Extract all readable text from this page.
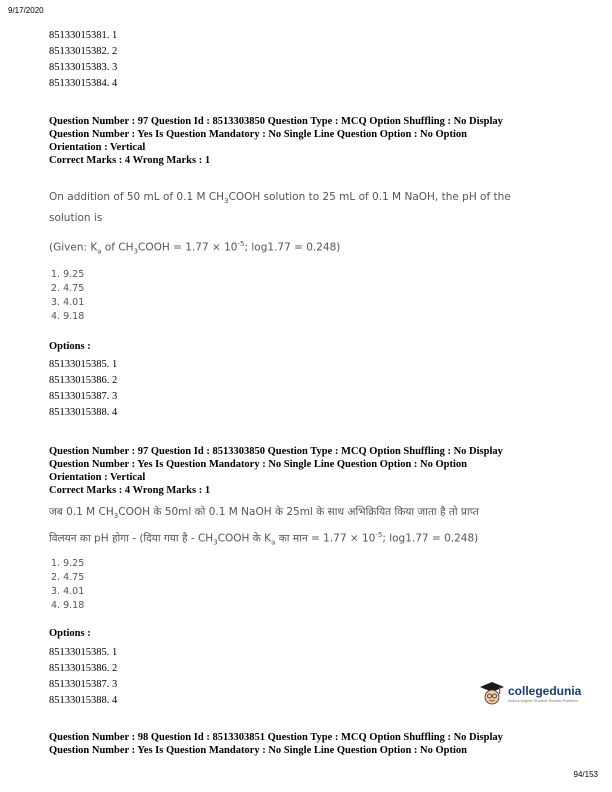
9/17/2020
85133015381. 1
85133015382. 2
85133015383. 3
85133015384. 4
Question Number : 97 Question Id : 8513303850 Question Type : MCQ Option Shuffling : No Display
Question Number : Yes Is Question Mandatory : No Single Line Question Option : No Option
Orientation : Vertical
Correct Marks : 4 Wrong Marks : 1
On addition of 50 mL of 0.1 M $CH_3COOH$ solution to 25 mL of 0.1 M NaOH, the pH of the
solution is
(Given: $K_a$ of $CH_3COOH = 1.77 \times 10^{-5}$; log1.77 = 0.248)
1. 9.25
2. 4.75
3. 4.01
4. 9.18
Options :
85133015385. 1
85133015386. 2
85133015387. 3
85133015388. 4
Question Number : 97 Question Id : 8513303850 Question Type : MCQ Option Shuffling : No Display
Question Number : Yes Is Question Mandatory : No Single Line Question Option : No Option
Orientation : Vertical
Correct Marks : 4 Wrong Marks : 1
जब 0.1 M $CH_3COOH$ के 50ml को 0.1 M NaOH के 25ml के साथ अभिक्रियित किया जाता है तो प्राप्त
विलयन का pH होगा - (दिया गया है - $CH_3COOH$ के $K_a$ का मान = $1.77 \times 10^{-5}$; log1.77 = 0.248)
1. 9.25
2. 4.75
3. 4.01
4. 9.18
Options :
85133015385. 1
85133015386. 2
85133015387. 3
85133015388. 4
collegedunia
India's largest Student Review Platform
Question Number : 98 Question Id : 8513303851 Question Type : MCQ Option Shuffling : No Display
Question Number : Yes Is Question Mandatory : No Single Line Question Option : No Option
94/153
